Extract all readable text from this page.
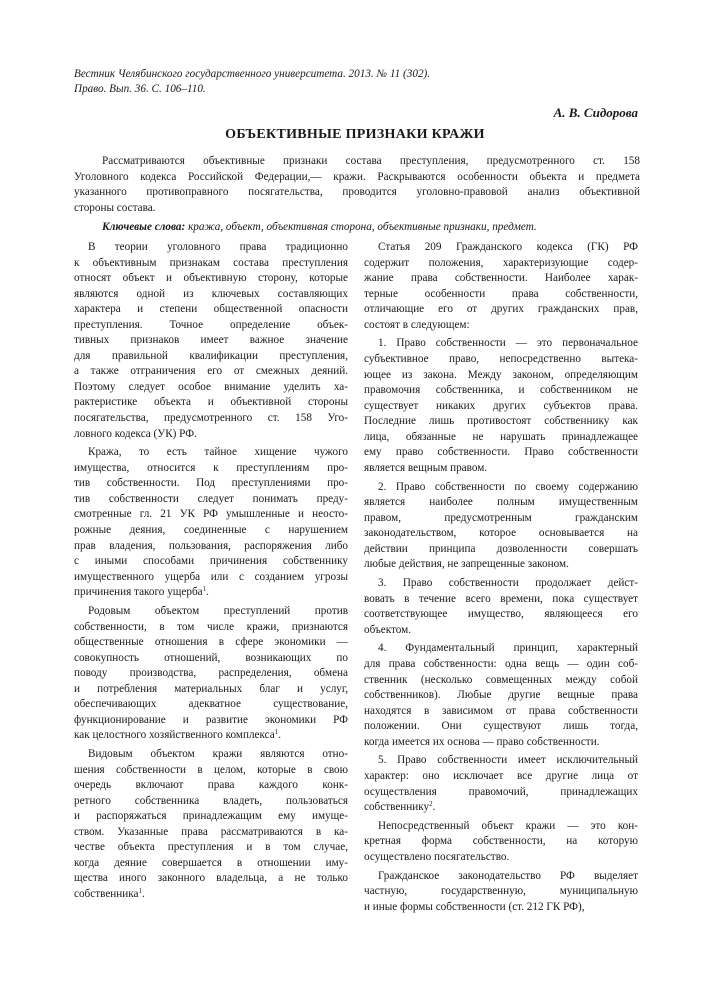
Вестник Челябинского государственного университета. 2013. № 11 (302).
Право. Вып. 36. С. 106–110.
А. В. Сидорова
ОБЪЕКТИВНЫЕ ПРИЗНАКИ КРАЖИ
Рассматриваются объективные признаки состава преступления, предусмотренного ст. 158
Уголовного кодекса Российской Федерации,— кражи. Раскрываются особенности объекта и предмета
указанного противоправного посягательства, проводится уголовно-правовой анализ объективной
стороны состава.
Ключевые слова: кража, объект, объективная сторона, объективные признаки, предмет.
В теории уголовного права традиционно
к объективным признакам состава преступления
относят объект и объективную сторону, которые
являются одной из ключевых составляющих
характера и степени общественной опасности
преступления. Точное определение объек-
тивных признаков имеет важное значение
для правильной квалификации преступления,
а также отграничения его от смежных деяний.
Поэтому следует особое внимание уделить ха-
рактеристике объекта и объективной стороны
посягательства, предусмотренного ст. 158 Уго-
ловного кодекса (УК) РФ.
Кража, то есть тайное хищение чужого
имущества, относится к преступлениям про-
тив собственности. Под преступлениями про-
тив собственности следует понимать преду-
смотренные гл. 21 УК РФ умышленные и неосто-
рожные деяния, соединенные с нарушением
прав владения, пользования, распоряжения либо
с иными способами причинения собственнику
имущественного ущерба или с созданием угрозы
причинения такого ущерба$^1$.
Родовым объектом преступлений против
собственности, в том числе кражи, признаются
общественные отношения в сфере экономики —
совокупность отношений, возникающих по
поводу производства, распределения, обмена
и потребления материальных благ и услуг,
обеспечивающих адекватное существование,
функционирование и развитие экономики РФ
как целостного хозяйственного комплекса$^1$.
Видовым объектом кражи являются отно-
шения собственности в целом, которые в свою
очередь включают права каждого конк-
ретного собственника владеть, пользоваться
и распоряжаться принадлежащим ему имуще-
ством. Указанные права рассматриваются в ка-
честве объекта преступления и в том случае,
когда деяние совершается в отношении иму-
щества иного законного владельца, а не только
собственника$^1$.
Статья 209 Гражданского кодекса (ГК) РФ
содержит положения, характеризующие содер-
жание права собственности. Наиболее харак-
терные особенности права собственности,
отличающие его от других гражданских прав,
состоят в следующем:
1. Право собственности — это первоначальное
субъективное право, непосредственно вытека-
ющее из закона. Между законом, определяющим
правомочия собственника, и собственником не
существует никаких других субъектов права.
Последние лишь противостоят собственнику как
лица, обязанные не нарушать принадлежащее
ему право собственности. Право собственности
является вещным правом.
2. Право собственности по своему содержанию
является наиболее полным имущественным
правом, предусмотренным гражданским
законодательством, которое основывается на
действии принципа дозволенности совершать
любые действия, не запрещенные законом.
3. Право собственности продолжает дейст-
вовать в течение всего времени, пока существует
соответствующее имущество, являющееся его
объектом.
4. Фундаментальный принцип, характерный
для права собственности: одна вещь — один соб-
ственник (несколько совмещенных между собой
собственников). Любые другие вещные права
находятся в зависимом от права собственности
положении. Они существуют лишь тогда,
когда имеется их основа — право собственности.
5. Право собственности имеет исключительный
характер: оно исключает все другие лица от
осуществления правомочий, принадлежащих
собственнику$^2$.
Непосредственный объект кражи — это кон-
кретная форма собственности, на которую
осуществлено посягательство.
Гражданское законодательство РФ выделяет
частную, государственную, муниципальную
и иные формы собственности (ст. 212 ГК РФ),
